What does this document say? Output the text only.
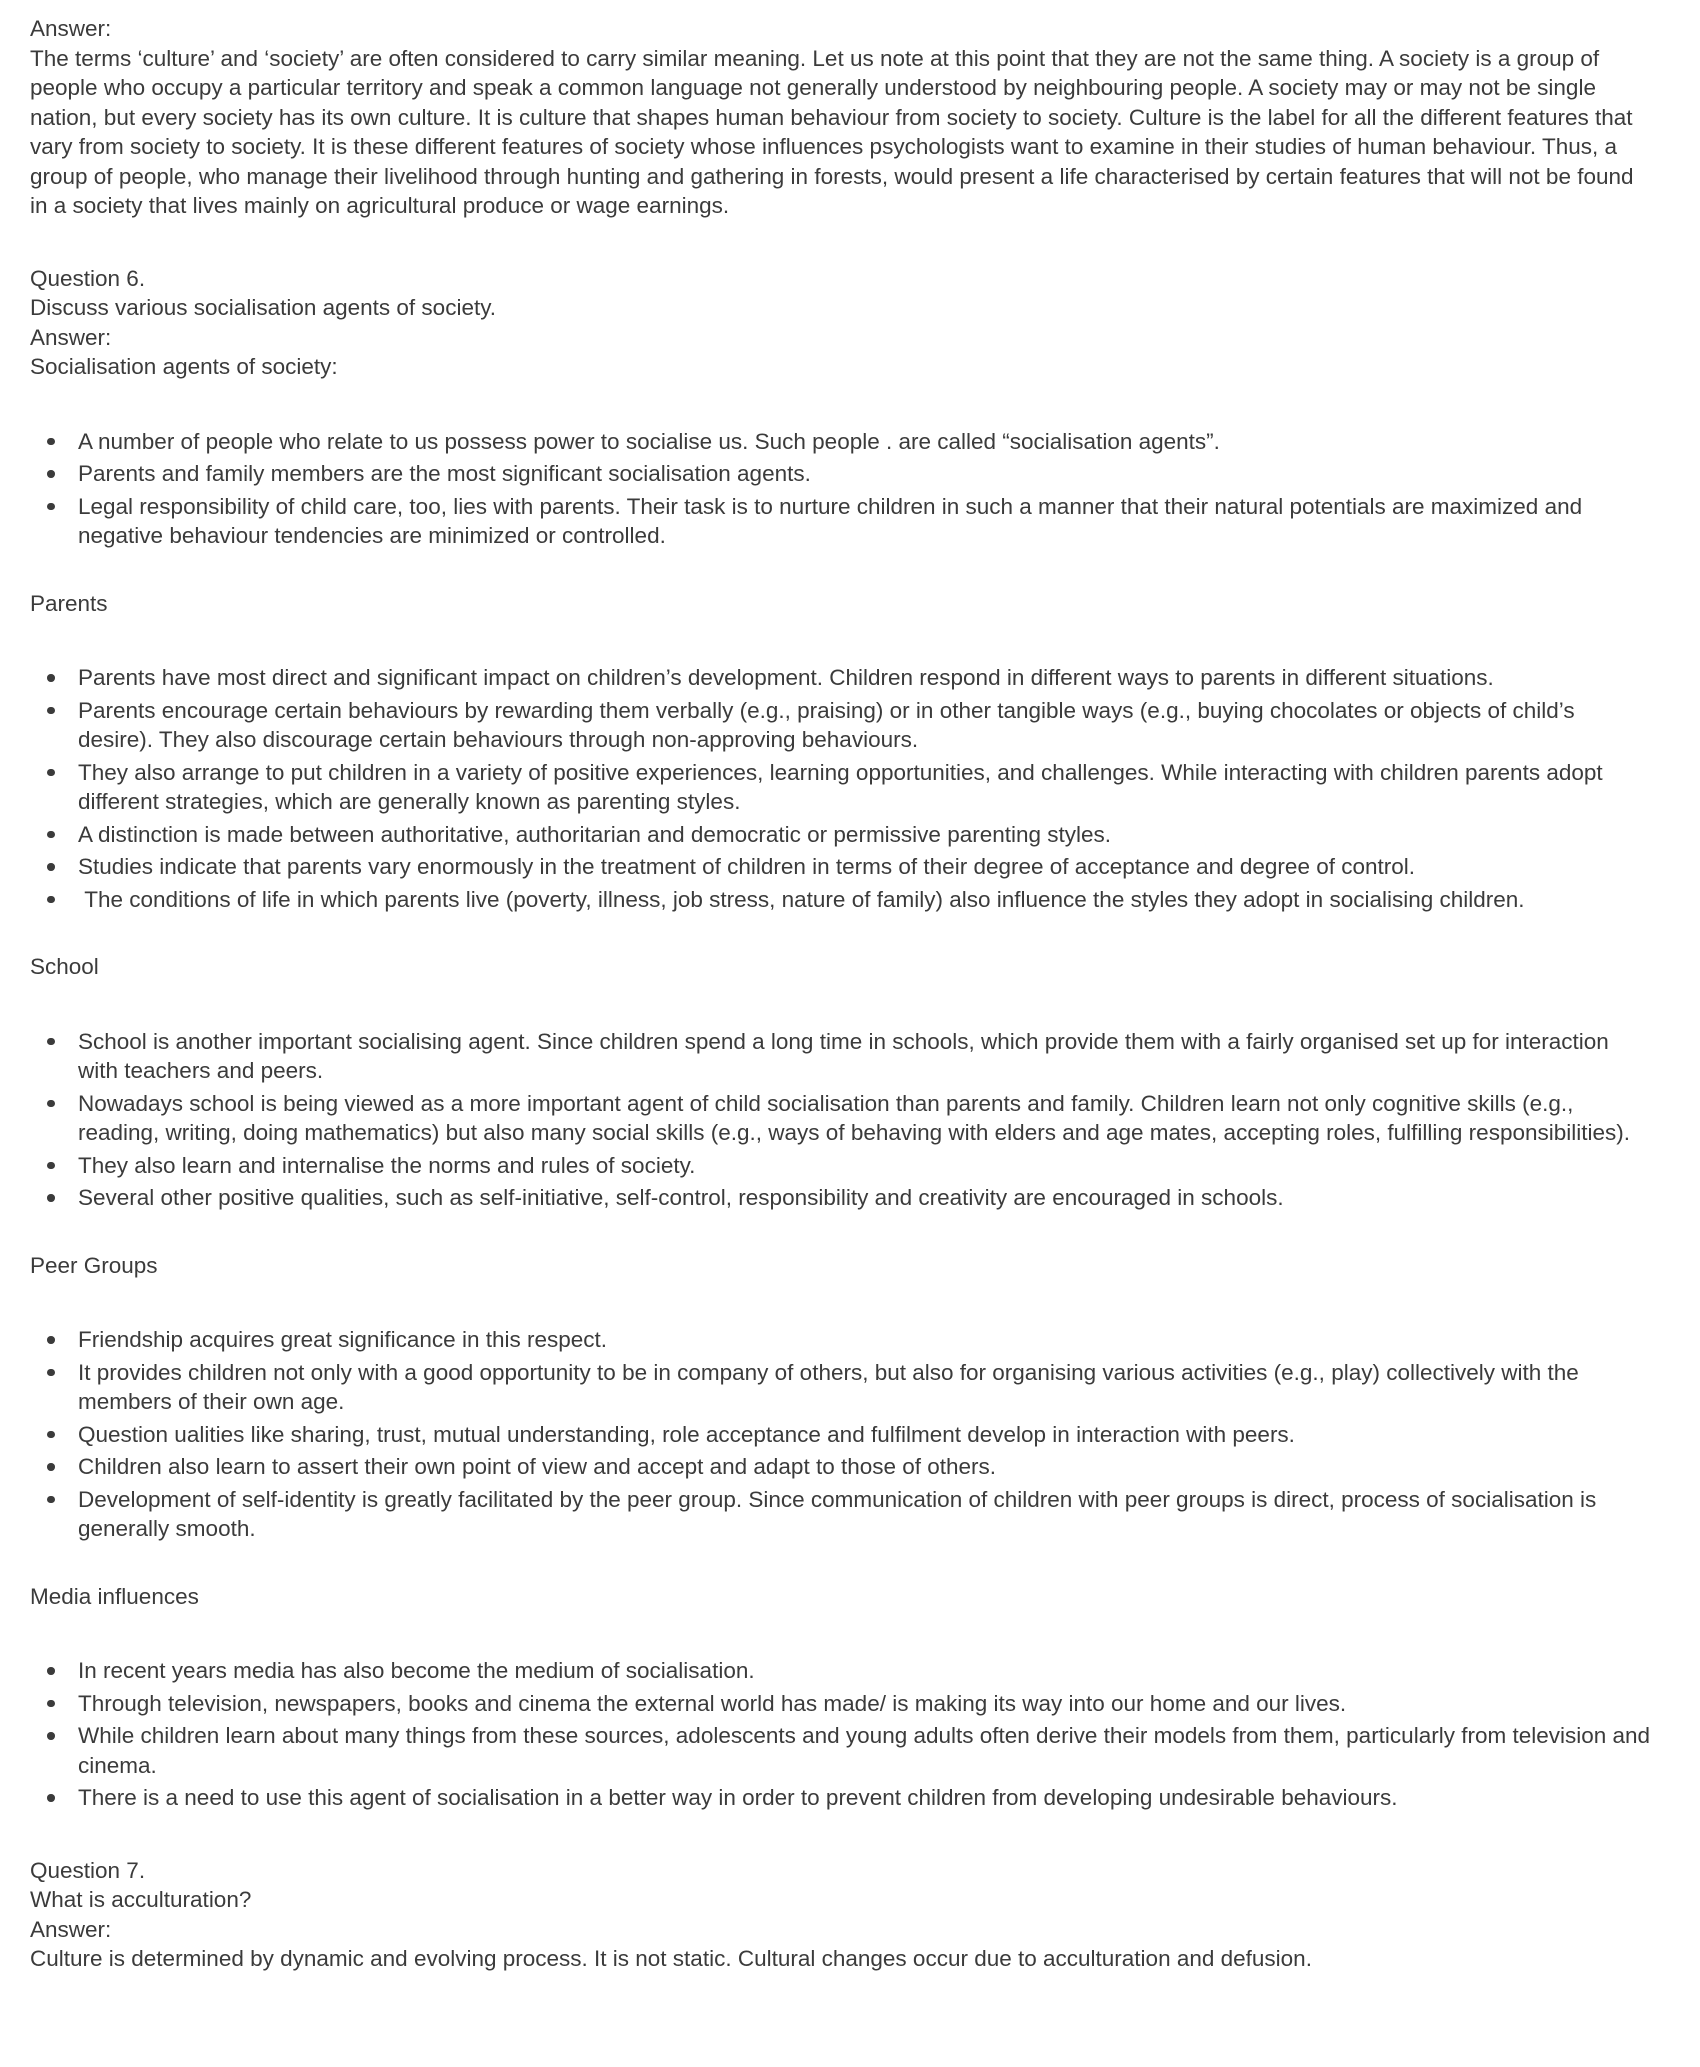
Answer:

The terms ‘culture’ and ‘society’ are often considered to carry similar meaning. Let us note at this point that they are not the same thing. A society is a group of people who occupy a particular territory and speak a common language not generally understood by neighbouring people. A society may or may not be single nation, but every society has its own culture. It is culture that shapes human behaviour from society to society. Culture is the label for all the different features that vary from society to society. It is these different features of society whose influences psychologists want to examine in their studies of human behaviour. Thus, a group of people, who manage their livelihood through hunting and gathering in forests, would present a life characterised by certain features that will not be found in a society that lives mainly on agricultural produce or wage earnings.

Question 6.

Discuss various socialisation agents of society.

Answer:

Socialisation agents of society:

A number of people who relate to us possess power to socialise us. Such people . are called “socialisation agents”.
Parents and family members are the most significant socialisation agents.
Legal responsibility of child care, too, lies with parents. Their task is to nurture children in such a manner that their natural potentials are maximized and negative behaviour tendencies are minimized or controlled.
Parents
Parents have most direct and significant impact on children’s development. Children respond in different ways to parents in different situations.
Parents encourage certain behaviours by rewarding them verbally (e.g., praising) or in other tangible ways (e.g., buying chocolates or objects of child’s desire). They also discourage certain behaviours through non-approving behaviours.
They also arrange to put children in a variety of positive experiences, learning opportunities, and challenges. While interacting with children parents adopt different strategies, which are generally known as parenting styles.
A distinction is made between authoritative, authoritarian and democratic or permissive parenting styles.
Studies indicate that parents vary enormously in the treatment of children in terms of their degree of acceptance and degree of control.
The conditions of life in which parents live (poverty, illness, job stress, nature of family) also influence the styles they adopt in socialising children.
School
School is another important socialising agent. Since children spend a long time in schools, which provide them with a fairly organised set up for interaction with teachers and peers.
Nowadays school is being viewed as a more important agent of child socialisation than parents and family. Children learn not only cognitive skills (e.g., reading, writing, doing mathematics) but also many social skills (e.g., ways of behaving with elders and age mates, accepting roles, fulfilling responsibilities).
They also learn and internalise the norms and rules of society.
Several other positive qualities, such as self-initiative, self-control, responsibility and creativity are encouraged in schools.
Peer Groups
Friendship acquires great significance in this respect.
It provides children not only with a good opportunity to be in company of others, but also for organising various activities (e.g., play) collectively with the members of their own age.
Question ualities like sharing, trust, mutual understanding, role acceptance and fulfilment develop in interaction with peers.
Children also learn to assert their own point of view and accept and adapt to those of others.
Development of self-identity is greatly facilitated by the peer group. Since communication of children with peer groups is direct, process of socialisation is generally smooth.
Media influences
In recent years media has also become the medium of socialisation.
Through television, newspapers, books and cinema the external world has made/ is making its way into our home and our lives.
While children learn about many things from these sources, adolescents and young adults often derive their models from them, particularly from television and cinema.
There is a need to use this agent of socialisation in a better way in order to prevent children from developing undesirable behaviours.

Question 7.

What is acculturation?

Answer:

Culture is determined by dynamic and evolving process. It is not static. Cultural changes occur due to acculturation and defusion.
